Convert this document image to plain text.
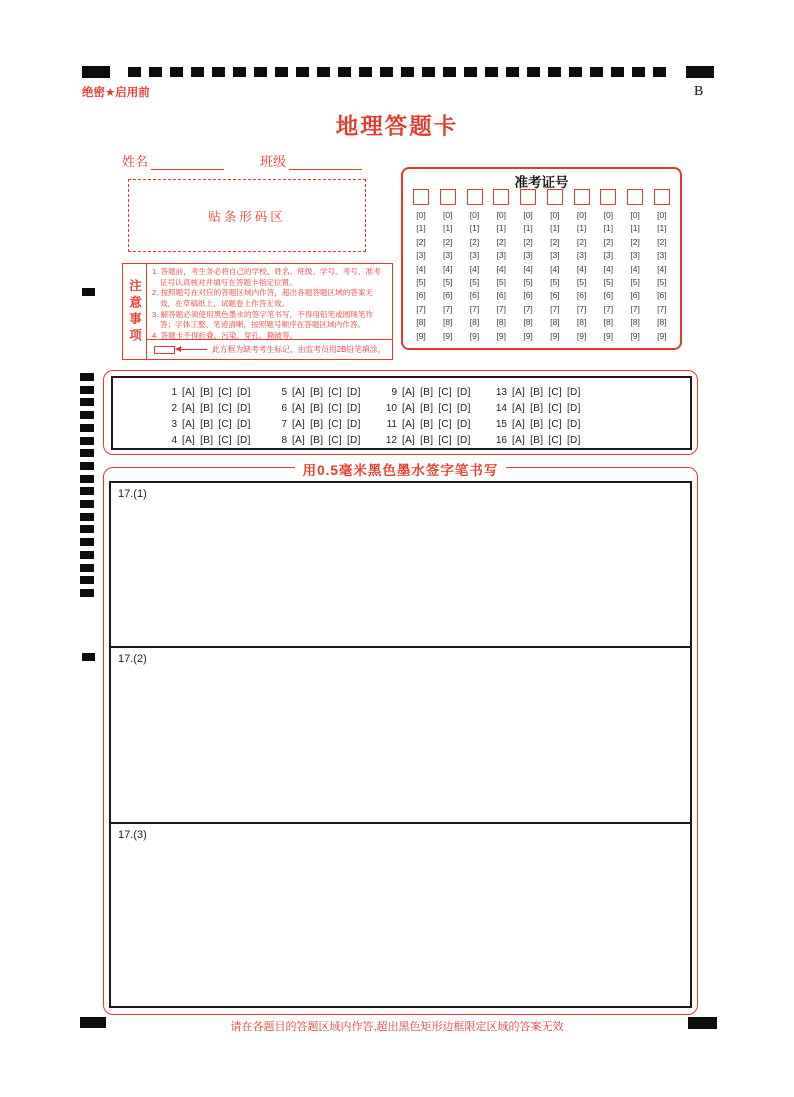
绝密★启用前	B
地理答题卡
姓名	班级
贴条形码区
注意事项
1. 答题前，考生务必将自己的学校、姓名、班级、学号、考号、准考证号认真核对并填写在答题卡指定位置。
2. 按照题号在对应的答题区域内作答，超出各题答题区域的答案无效，在草稿纸上、试题卷上作答无效。
3. 解答题必须使用黑色墨水的签字笔书写，不得用铅笔或圆珠笔作答；字体工整、笔迹清晰，按照题号顺序在答题区域内作答。
4. 答题卡不得折叠、污染、穿孔、撕破等。
此方框为缺考考生标记，由监考员用2B铅笔填涂。
准考证号
[0]
[1]
[2]
[3]
[4]
[5]
[6]
[7]
[8]
[9]
[0]
[1]
[2]
[3]
[4]
[5]
[6]
[7]
[8]
[9]
[0]
[1]
[2]
[3]
[4]
[5]
[6]
[7]
[8]
[9]
[0]
[1]
[2]
[3]
[4]
[5]
[6]
[7]
[8]
[9]
[0]
[1]
[2]
[3]
[4]
[5]
[6]
[7]
[8]
[9]
[0]
[1]
[2]
[3]
[4]
[5]
[6]
[7]
[8]
[9]
[0]
[1]
[2]
[3]
[4]
[5]
[6]
[7]
[8]
[9]
[0]
[1]
[2]
[3]
[4]
[5]
[6]
[7]
[8]
[9]
[0]
[1]
[2]
[3]
[4]
[5]
[6]
[7]
[8]
[9]
[0]
[1]
[2]
[3]
[4]
[5]
[6]
[7]
[8]
[9]
1 [A] [B] [C] [D]
2 [A] [B] [C] [D]
3 [A] [B] [C] [D]
4 [A] [B] [C] [D]
5 [A] [B] [C] [D]
6 [A] [B] [C] [D]
7 [A] [B] [C] [D]
8 [A] [B] [C] [D]
9 [A] [B] [C] [D]
10 [A] [B] [C] [D]
11 [A] [B] [C] [D]
12 [A] [B] [C] [D]
13 [A] [B] [C] [D]
14 [A] [B] [C] [D]
15 [A] [B] [C] [D]
16 [A] [B] [C] [D]
用0.5毫米黑色墨水签字笔书写
17.(1)
17.(2)
17.(3)
请在各题目的答题区域内作答,超出黑色矩形边框限定区域的答案无效
